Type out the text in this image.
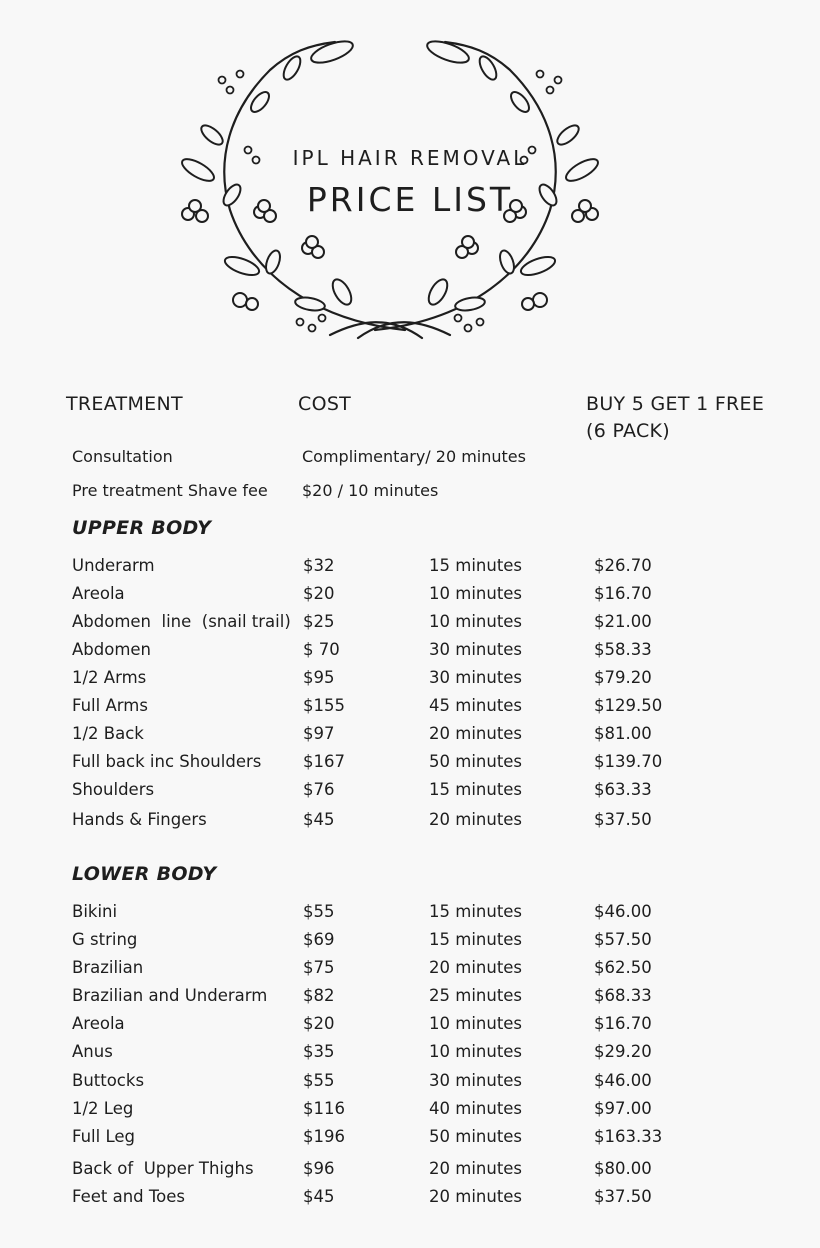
IPL HAIR REMOVAL
PRICE LIST
TREATMENT	COST	BUY 5 GET 1 FREE
(6 PACK)
Consultation	Complimentary/ 20 minutes
Pre treatment Shave fee $20 / 10 minutes
UPPER BODY
Underarm	$32	15 minutes	$26.70
Areola	$20	10 minutes	$16.70
Abdomen  line  (snail trail) $25	10 minutes	$21.00
Abdomen	$ 70	30 minutes	$58.33
1/2 Arms	$95	30 minutes	$79.20
Full Arms	$155	45 minutes	$129.50
1/2 Back	$97	20 minutes	$81.00
Full back inc Shoulders	$167	50 minutes	$139.70
Shoulders	$76	15 minutes	$63.33
Hands & Fingers	$45	20 minutes	$37.50
LOWER BODY
Bikini	$55	15 minutes	$46.00
G string	$69	15 minutes	$57.50
Brazilian	$75	20 minutes	$62.50
Brazilian and Underarm $82	25 minutes	$68.33
Areola	$20	10 minutes	$16.70
Anus	$35	10 minutes	$29.20
Buttocks	$55	30 minutes	$46.00
1/2 Leg	$116	40 minutes	$97.00
Full Leg	$196	50 minutes	$163.33
Back of  Upper Thighs	$96	20 minutes	$80.00
Feet and Toes	$45	20 minutes	$37.50
